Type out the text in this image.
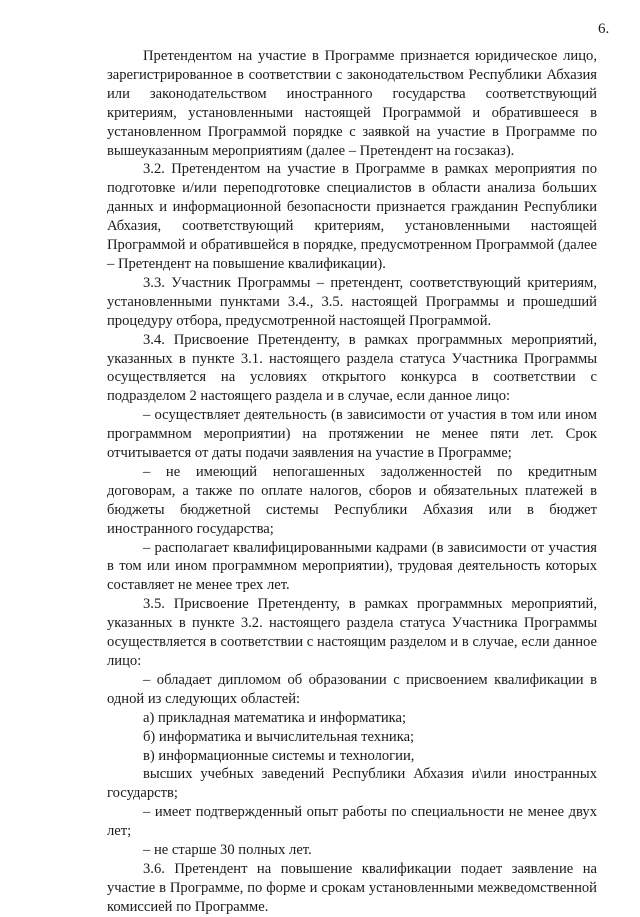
6.

Претендентом на участие в Программе признается юридическое лицо, зарегистрированное в соответствии с законодательством Республики Абхазия или законодательством иностранного государства соответствующий критериям, установленными настоящей Программой и обратившееся в установленном Программой порядке с заявкой на участие в Программе по вышеуказанным мероприятиям (далее – Претендент на госзаказ).

3.2. Претендентом на участие в Программе в рамках мероприятия по подготовке и/или переподготовке специалистов в области анализа больших данных и информационной безопасности признается гражданин Республики Абхазия, соответствующий критериям, установленными настоящей Программой и обратившейся в порядке, предусмотренном Программой (далее – Претендент на повышение квалификации).

3.3. Участник Программы – претендент, соответствующий критериям, установленными пунктами 3.4., 3.5. настоящей Программы и прошедший процедуру отбора, предусмотренной настоящей Программой.

3.4. Присвоение Претенденту, в рамках программных мероприятий, указанных в пункте 3.1. настоящего раздела статуса Участника Программы осуществляется на условиях открытого конкурса в соответствии с подразделом 2 настоящего раздела и в случае, если данное лицо:

– осуществляет деятельность (в зависимости от участия в том или ином программном мероприятии) на протяжении не менее пяти лет. Срок отчитывается от даты подачи заявления на участие в Программе;

– не имеющий непогашенных задолженностей по кредитным договорам, а также по оплате налогов, сборов и обязательных платежей в бюджеты бюджетной системы Республики Абхазия или в бюджет иностранного государства;

– располагает квалифицированными кадрами (в зависимости от участия в том или ином программном мероприятии), трудовая деятельность которых составляет не менее трех лет.

3.5. Присвоение Претенденту, в рамках программных мероприятий, указанных в пункте 3.2. настоящего раздела статуса Участника Программы осуществляется в соответствии с настоящим разделом и в случае, если данное лицо:

– обладает дипломом об образовании с присвоением квалификации в одной из следующих областей:

а) прикладная математика и информатика;

б) информатика и вычислительная техника;

в) информационные системы и технологии,

высших учебных заведений Республики Абхазия и\или иностранных государств;

– имеет подтвержденный опыт работы по специальности не менее двух лет;

– не старше 30 полных лет.

3.6. Претендент на повышение квалификации подает заявление на участие в Программе, по форме и срокам установленными межведомственной комиссией по Программе.
